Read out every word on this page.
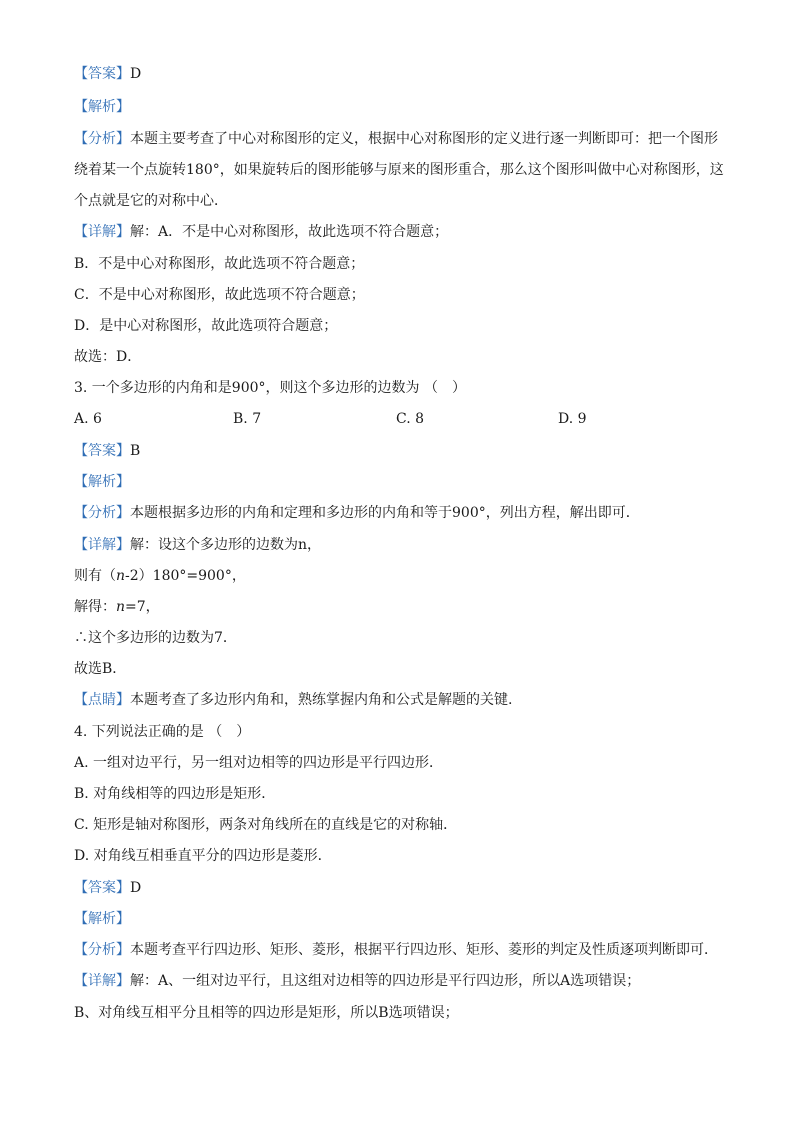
【答案】D
【解析】
【分析】本题主要考查了中心对称图形的定义，根据中心对称图形的定义进行逐一判断即可：把一个图形
绕着某一个点旋转180°，如果旋转后的图形能够与原来的图形重合，那么这个图形叫做中心对称图形，这
个点就是它的对称中心．
【详解】解：A．不是中心对称图形，故此选项不符合题意；
B．不是中心对称图形，故此选项不符合题意；
C．不是中心对称图形，故此选项不符合题意；
D．是中心对称图形，故此选项符合题意；
故选：D．
3. 一个多边形的内角和是900°，则这个多边形的边数为 （　）
A. 6	B. 7	C. 8	D. 9
【答案】B
【解析】
【分析】本题根据多边形的内角和定理和多边形的内角和等于900°，列出方程，解出即可．
【详解】解：设这个多边形的边数为n，
则有（n-2）180°=900°，
解得：n=7，
∴这个多边形的边数为7．
故选B．
【点睛】本题考查了多边形内角和，熟练掌握内角和公式是解题的关键.
4. 下列说法正确的是 （　）
A. 一组对边平行，另一组对边相等的四边形是平行四边形．
B. 对角线相等的四边形是矩形．
C. 矩形是轴对称图形，两条对角线所在的直线是它的对称轴．
D. 对角线互相垂直平分的四边形是菱形．
【答案】D
【解析】
【分析】本题考查平行四边形、矩形、菱形，根据平行四边形、矩形、菱形的判定及性质逐项判断即可．
【详解】解：A、一组对边平行，且这组对边相等的四边形是平行四边形，所以A选项错误；
B、对角线互相平分且相等的四边形是矩形，所以B选项错误；
